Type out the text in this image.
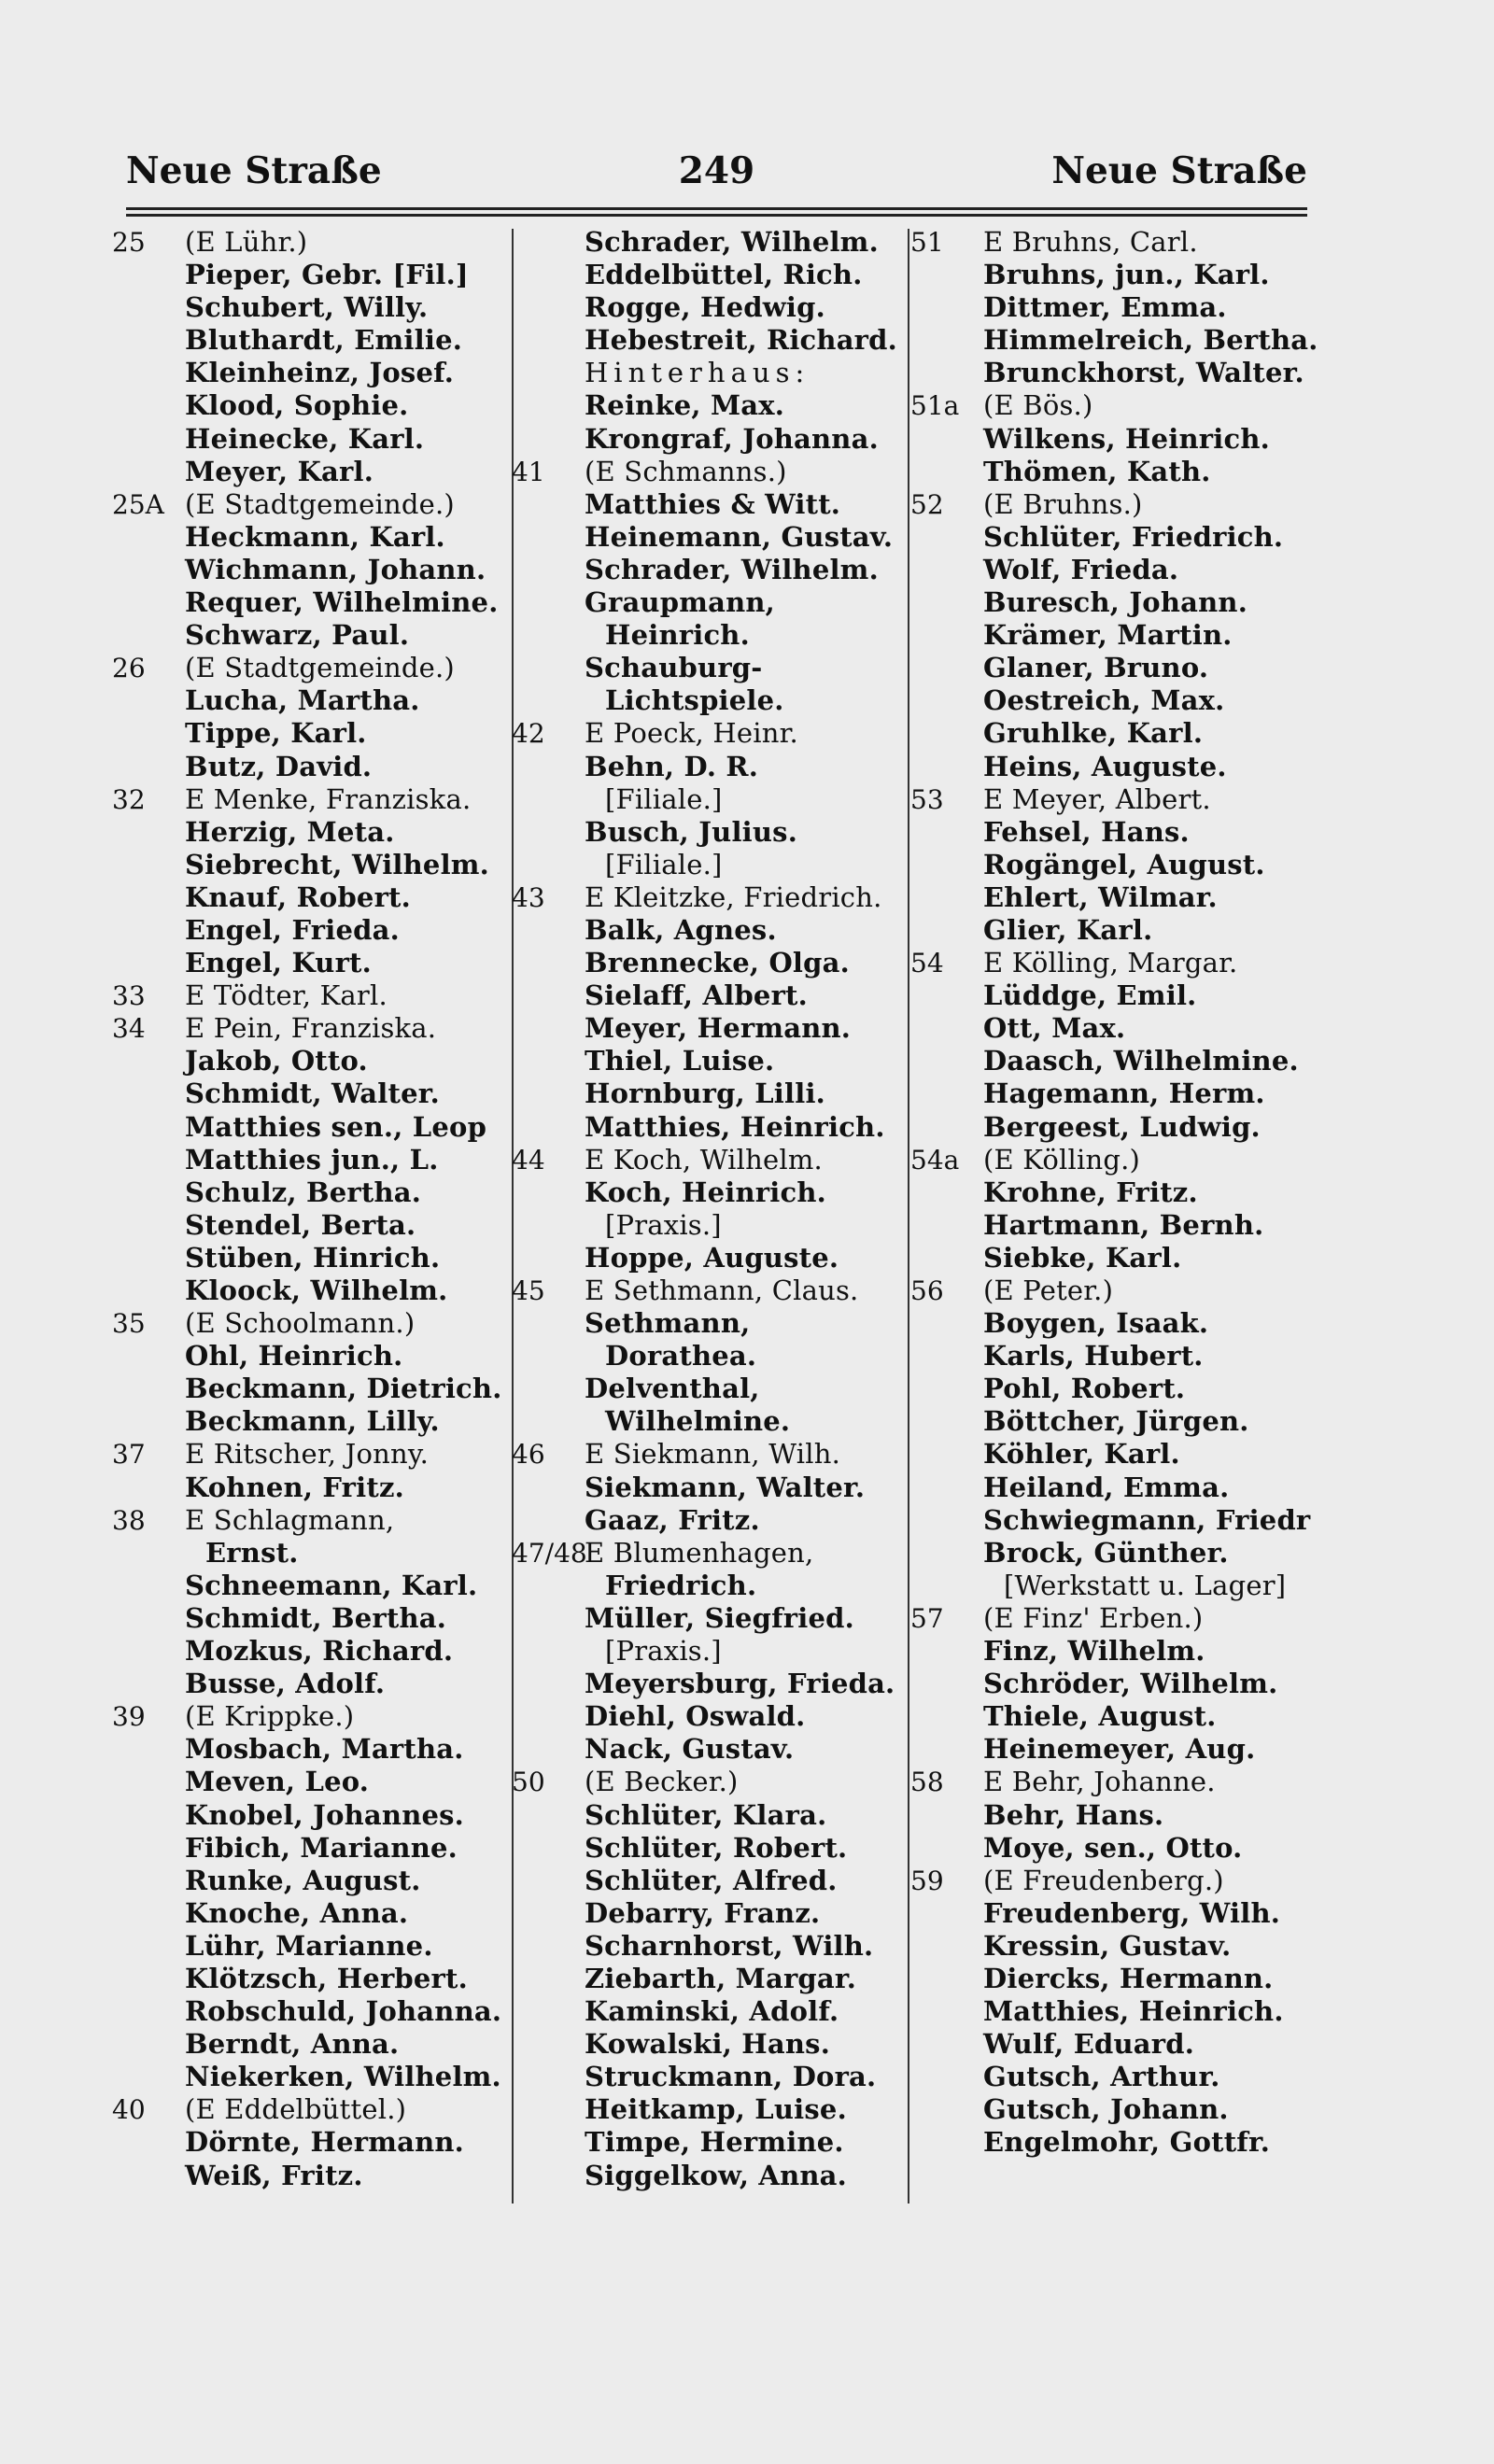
Neue Straße	249	Neue Straße
25	(E Lühr.)
Pieper, Gebr. [Fil.]
Schubert, Willy.
Bluthardt, Emilie.
Kleinheinz, Josef.
Klood, Sophie.
Heinecke, Karl.
Meyer, Karl.
25A (E Stadtgemeinde.)
Heckmann, Karl.
Wichmann, Johann.
Requer, Wilhelmine.
Schwarz, Paul.
26	(E Stadtgemeinde.)
Lucha, Martha.
Tippe, Karl.
Butz, David.
32	E Menke, Franziska.
Herzig, Meta.
Siebrecht, Wilhelm.
Knauf, Robert.
Engel, Frieda.
Engel, Kurt.
33	E Tödter, Karl.
34	E Pein, Franziska.
Jakob, Otto.
Schmidt, Walter.
Matthies sen., Leop
Matthies jun., L.
Schulz, Bertha.
Stendel, Berta.
Stüben, Hinrich.
Kloock, Wilhelm.
35	(E Schoolmann.)
Ohl, Heinrich.
Beckmann, Dietrich.
Beckmann, Lilly.
37	E Ritscher, Jonny.
Kohnen, Fritz.
38	E Schlagmann,
Ernst.
Schneemann, Karl.
Schmidt, Bertha.
Mozkus, Richard.
Busse, Adolf.
39	(E Krippke.)
Mosbach, Martha.
Meven, Leo.
Knobel, Johannes.
Fibich, Marianne.
Runke, August.
Knoche, Anna.
Lühr, Marianne.
Klötzsch, Herbert.
Robschuld, Johanna.
Berndt, Anna.
Niekerken, Wilhelm.
40	(E Eddelbüttel.)
Dörnte, Hermann.
Weiß, Fritz.
Schrader, Wilhelm.
Eddelbüttel, Rich.
Rogge, Hedwig.
Hebestreit, Richard.
Hinterhaus:
Reinke, Max.
Krongraf, Johanna.
41	(E Schmanns.)
Matthies & Witt.
Heinemann, Gustav.
Schrader, Wilhelm.
Graupmann,
Heinrich.
Schauburg-
Lichtspiele.
42	E Poeck, Heinr.
Behn, D. R.
[Filiale.]
Busch, Julius.
[Filiale.]
43	E Kleitzke, Friedrich.
Balk, Agnes.
Brennecke, Olga.
Sielaff, Albert.
Meyer, Hermann.
Thiel, Luise.
Hornburg, Lilli.
Matthies, Heinrich.
44	E Koch, Wilhelm.
Koch, Heinrich.
[Praxis.]
Hoppe, Auguste.
45	E Sethmann, Claus.
Sethmann,
Dorathea.
Delventhal,
Wilhelmine.
46	E Siekmann, Wilh.
Siekmann, Walter.
Gaaz, Fritz.
47/48
E Blumenhagen,
Friedrich.
Müller, Siegfried.
[Praxis.]
Meyersburg, Frieda.
Diehl, Oswald.
Nack, Gustav.
50	(E Becker.)
Schlüter, Klara.
Schlüter, Robert.
Schlüter, Alfred.
Debarry, Franz.
Scharnhorst, Wilh.
Ziebarth, Margar.
Kaminski, Adolf.
Kowalski, Hans.
Struckmann, Dora.
Heitkamp, Luise.
Timpe, Hermine.
Siggelkow, Anna.
51	E Bruhns, Carl.
Bruhns, jun., Karl.
Dittmer, Emma.
Himmelreich, Bertha.
Brunckhorst, Walter.
51a (E Bös.)
Wilkens, Heinrich.
Thömen, Kath.
52	(E Bruhns.)
Schlüter, Friedrich.
Wolf, Frieda.
Buresch, Johann.
Krämer, Martin.
Glaner, Bruno.
Oestreich, Max.
Gruhlke, Karl.
Heins, Auguste.
53	E Meyer, Albert.
Fehsel, Hans.
Rogängel, August.
Ehlert, Wilmar.
Glier, Karl.
54	E Kölling, Margar.
Lüddge, Emil.
Ott, Max.
Daasch, Wilhelmine.
Hagemann, Herm.
Bergeest, Ludwig.
54a (E Kölling.)
Krohne, Fritz.
Hartmann, Bernh.
Siebke, Karl.
56	(E Peter.)
Boygen, Isaak.
Karls, Hubert.
Pohl, Robert.
Böttcher, Jürgen.
Köhler, Karl.
Heiland, Emma.
Schwiegmann, Friedr
Brock, Günther.
[Werkstatt u. Lager]
57	(E Finz' Erben.)
Finz, Wilhelm.
Schröder, Wilhelm.
Thiele, August.
Heinemeyer, Aug.
58	E Behr, Johanne.
Behr, Hans.
Moye, sen., Otto.
59	(E Freudenberg.)
Freudenberg, Wilh.
Kressin, Gustav.
Diercks, Hermann.
Matthies, Heinrich.
Wulf, Eduard.
Gutsch, Arthur.
Gutsch, Johann.
Engelmohr, Gottfr.
